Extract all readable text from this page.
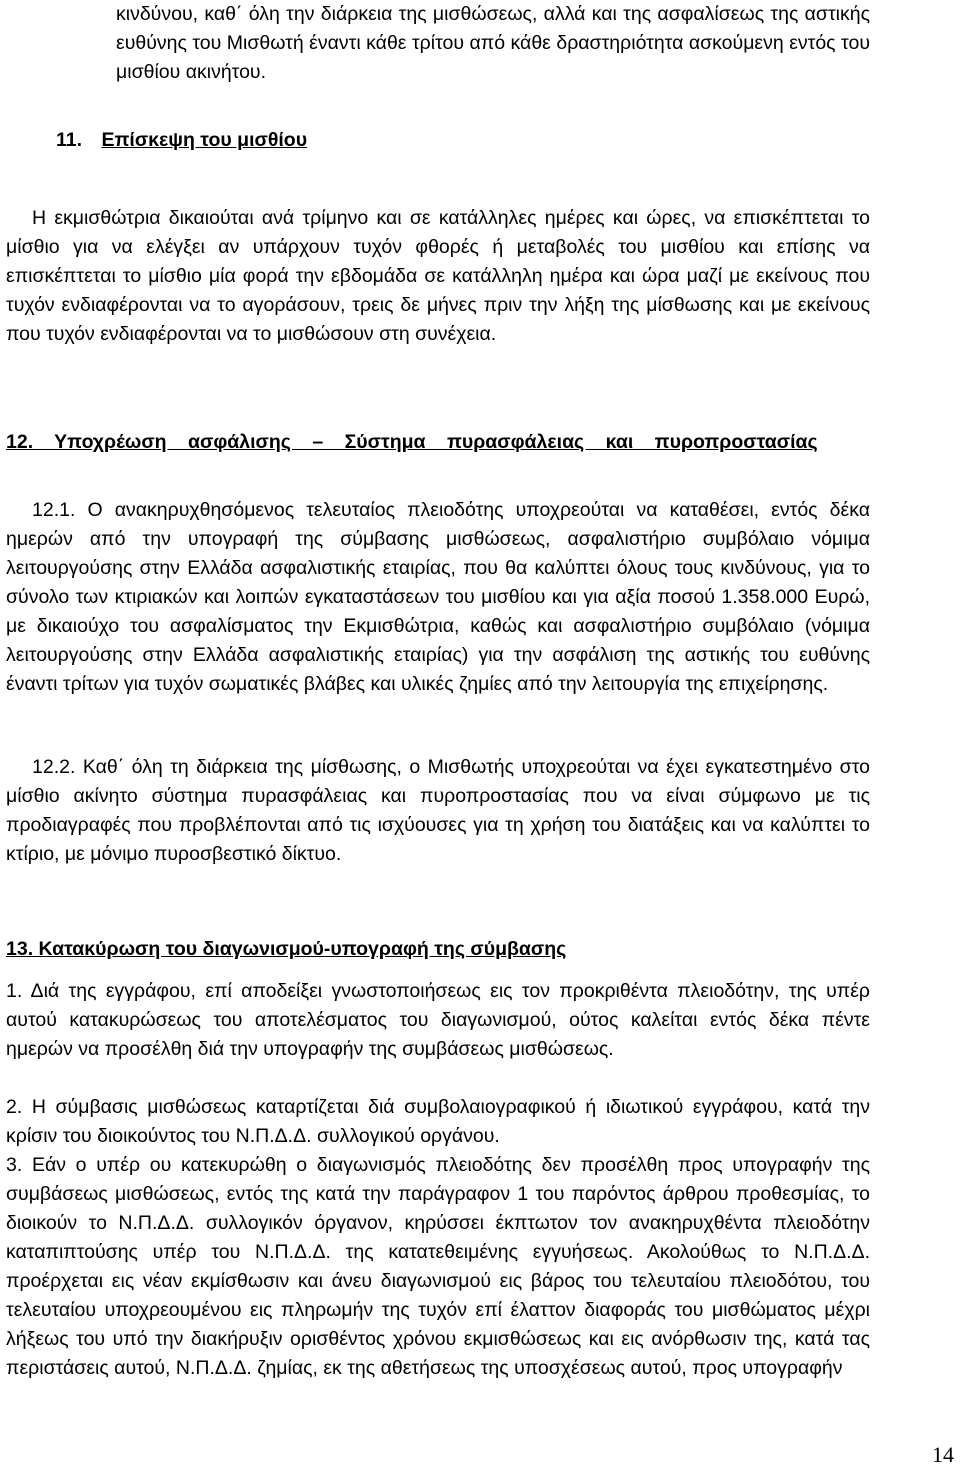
κινδύνου, καθ΄ όλη την διάρκεια της μισθώσεως, αλλά και της ασφαλίσεως της αστικής ευθύνης του Μισθωτή έναντι κάθε τρίτου από κάθε δραστηριότητα ασκούμενη εντός του μισθίου ακινήτου.

11. Επίσκεψη του μισθίου

Η εκμισθώτρια δικαιούται ανά τρίμηνο και σε κατάλληλες ημέρες και ώρες, να επισκέπτεται το μίσθιο για να ελέγξει αν υπάρχουν τυχόν φθορές ή μεταβολές του μισθίου και επίσης να επισκέπτεται το μίσθιο μία φορά την εβδομάδα σε κατάλληλη ημέρα και ώρα μαζί με εκείνους που τυχόν ενδιαφέρονται να το αγοράσουν, τρεις δε μήνες πριν την λήξη της μίσθωσης και με εκείνους που τυχόν ενδιαφέρονται να το μισθώσουν στη συνέχεια.

12. Υποχρέωση ασφάλισης – Σύστημα πυρασφάλειας και πυροπροστασίας

12.1. Ο ανακηρυχθησόμενος τελευταίος πλειοδότης υποχρεούται να καταθέσει, εντός δέκα ημερών από την υπογραφή της σύμβασης μισθώσεως, ασφαλιστήριο συμβόλαιο νόμιμα λειτουργούσης στην Ελλάδα ασφαλιστικής εταιρίας, που θα καλύπτει όλους τους κινδύνους, για το σύνολο των κτιριακών και λοιπών εγκαταστάσεων του μισθίου και για αξία ποσού 1.358.000 Ευρώ, με δικαιούχο του ασφαλίσματος την Εκμισθώτρια, καθώς και ασφαλιστήριο συμβόλαιο (νόμιμα λειτουργούσης στην Ελλάδα ασφαλιστικής εταιρίας) για την ασφάλιση της αστικής του ευθύνης έναντι τρίτων για τυχόν σωματικές βλάβες και υλικές ζημίες από την λειτουργία της επιχείρησης.

12.2. Καθ΄ όλη τη διάρκεια της μίσθωσης, ο Μισθωτής υποχρεούται να έχει εγκατεστημένο στο μίσθιο ακίνητο σύστημα πυρασφάλειας και πυροπροστασίας που να είναι σύμφωνο με τις προδιαγραφές που προβλέπονται από τις ισχύουσες για τη χρήση του διατάξεις και να καλύπτει το κτίριο, με μόνιμο πυροσβεστικό δίκτυο.

13. Κατακύρωση του διαγωνισμού-υπογραφή της σύμβασης

1. Διά της εγγράφου, επί αποδείξει γνωστοποιήσεως εις τον προκριθέντα πλειοδότην, της υπέρ αυτού κατακυρώσεως του αποτελέσματος του διαγωνισμού, ούτος καλείται εντός δέκα πέντε ημερών να προσέλθη διά την υπογραφήν της συμβάσεως μισθώσεως.

2. Η σύμβασις μισθώσεως καταρτίζεται διά συμβολαιογραφικού ή ιδιωτικού εγγράφου, κατά την κρίσιν του διοικούντος του Ν.Π.Δ.Δ. συλλογικού οργάνου.

3. Εάν ο υπέρ ου κατεκυρώθη ο διαγωνισμός πλειοδότης δεν προσέλθη προς υπογραφήν της συμβάσεως μισθώσεως, εντός της κατά την παράγραφον 1 του παρόντος άρθρου προθεσμίας, το διοικούν το Ν.Π.Δ.Δ. συλλογικόν όργανον, κηρύσσει έκπτωτον τον ανακηρυχθέντα πλειοδότην καταπιπτούσης υπέρ του Ν.Π.Δ.Δ. της κατατεθειμένης εγγυήσεως. Ακολούθως το Ν.Π.Δ.Δ. προέρχεται εις νέαν εκμίσθωσιν και άνευ διαγωνισμού εις βάρος του τελευταίου πλειοδότου, του τελευταίου υποχρεουμένου εις πληρωμήν της τυχόν επί έλαττον διαφοράς του μισθώματος μέχρι λήξεως του υπό την διακήρυξιν ορισθέντος χρόνου εκμισθώσεως και εις ανόρθωσιν της, κατά τας περιστάσεις αυτού, Ν.Π.Δ.Δ. ζημίας, εκ της αθετήσεως της υποσχέσεως αυτού, προς υπογραφήν

14
